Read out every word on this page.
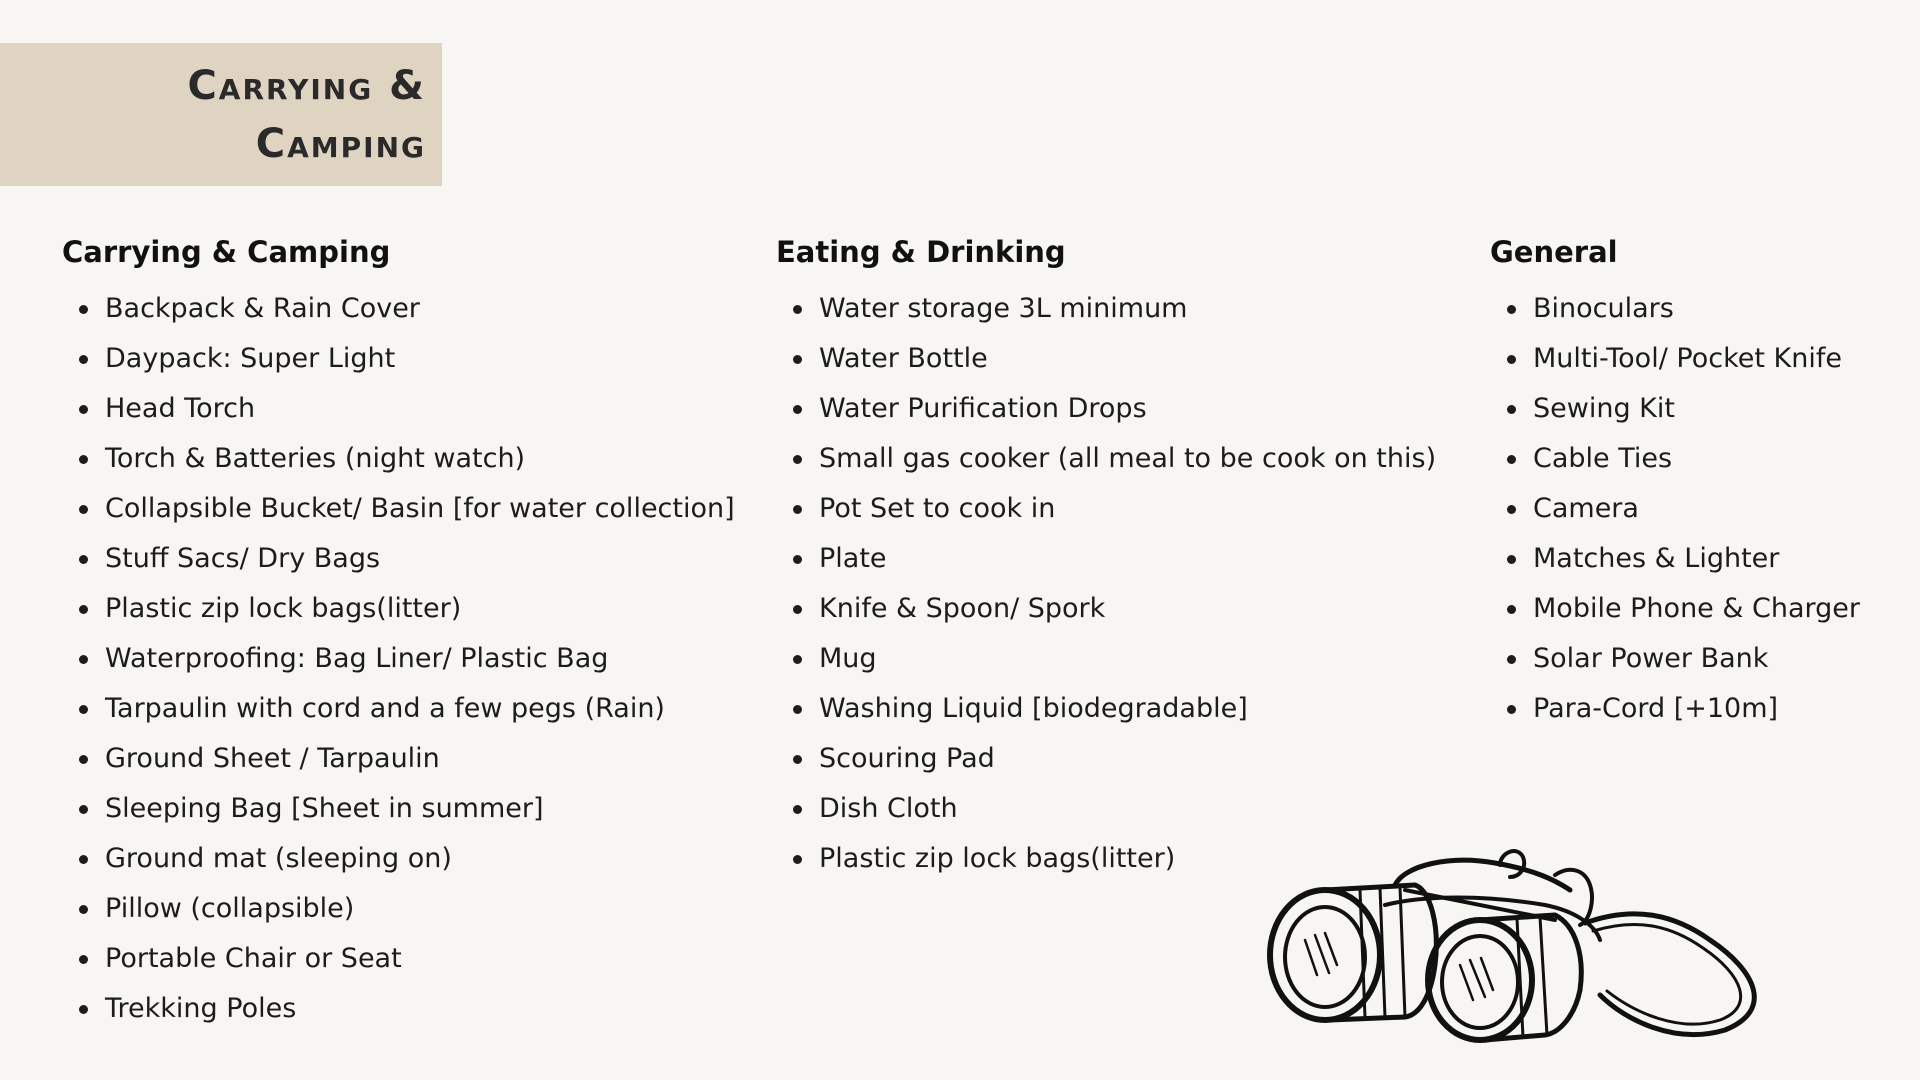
Carrying &
Camping
Carrying & Camping
Backpack & Rain Cover
Daypack: Super Light
Head Torch
Torch & Batteries (night watch)
Collapsible Bucket/ Basin [for water collection]
Stuff Sacs/ Dry Bags
Plastic zip lock bags(litter)
Waterproofing: Bag Liner/ Plastic Bag
Tarpaulin with cord and a few pegs (Rain)
Ground Sheet / Tarpaulin
Sleeping Bag [Sheet in summer]
Ground mat (sleeping on)
Pillow (collapsible)
Portable Chair or Seat
Trekking Poles
Eating & Drinking
Water storage 3L minimum
Water Bottle
Water Purification Drops
Small gas cooker (all meal to be cook on this)
Pot Set to cook in
Plate
Knife & Spoon/ Spork
Mug
Washing Liquid [biodegradable]
Scouring Pad
Dish Cloth
Plastic zip lock bags(litter)
General
Binoculars
Multi-Tool/ Pocket Knife
Sewing Kit
Cable Ties
Camera
Matches & Lighter
Mobile Phone & Charger
Solar Power Bank
Para-Cord [+10m]
